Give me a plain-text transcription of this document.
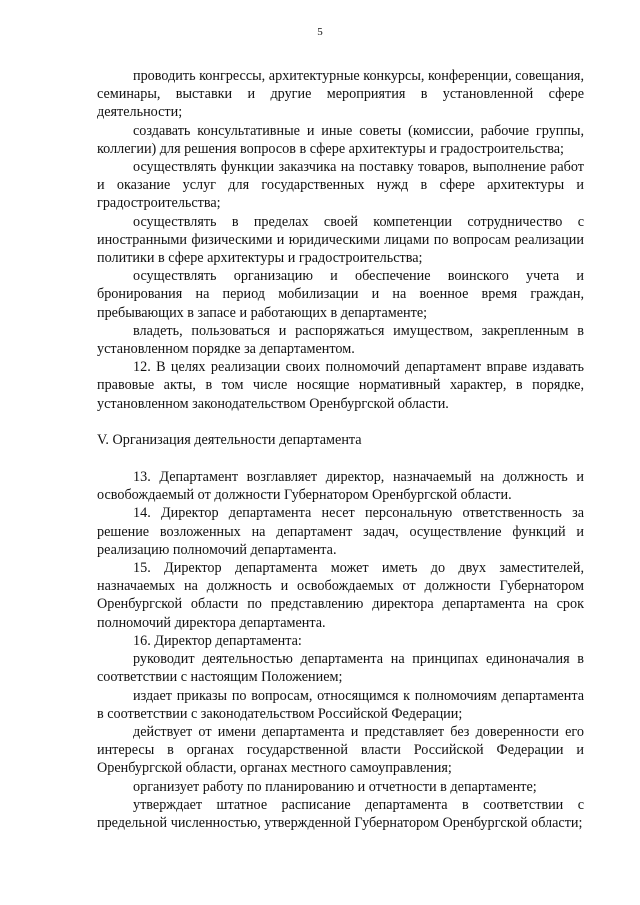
5

проводить конгрессы, архитектурные конкурсы, конференции, совещания, семинары, выставки и другие мероприятия в установленной сфере деятельности;

создавать консультативные и иные советы (комиссии, рабочие группы, коллегии) для решения вопросов в сфере архитектуры и градостроительства;

осуществлять функции заказчика на поставку товаров, выполнение работ и оказание услуг для государственных нужд в сфере архитектуры и градостроительства;

осуществлять в пределах своей компетенции сотрудничество с иностранными физическими и юридическими лицами по вопросам реализации политики в сфере архитектуры и градостроительства;

осуществлять организацию и обеспечение воинского учета и бронирования на период мобилизации и на военное время граждан, пребывающих в запасе и работающих в департаменте;

владеть, пользоваться и распоряжаться имуществом, закрепленным в установленном порядке за департаментом.

12. В целях реализации своих полномочий департамент вправе издавать правовые акты, в том числе носящие нормативный характер, в порядке, установленном законодательством Оренбургской области.

V. Организация деятельности департамента

13. Департамент возглавляет директор, назначаемый на должность и освобождаемый от должности Губернатором Оренбургской области.

14. Директор департамента несет персональную ответственность за решение возложенных на департамент задач, осуществление функций и реализацию полномочий департамента.

15. Директор департамента может иметь до двух заместителей, назначаемых на должность и освобождаемых от должности Губернатором Оренбургской области по представлению директора департамента на срок полномочий директора департамента.

16. Директор департамента:

руководит деятельностью департамента на принципах единоначалия в соответствии с настоящим Положением;

издает приказы по вопросам, относящимся к полномочиям департамента в соответствии с законодательством Российской Федерации;

действует от имени департамента и представляет без доверенности его интересы в органах государственной власти Российской Федерации и Оренбургской области, органах местного самоуправления;

организует работу по планированию и отчетности в департаменте;

утверждает штатное расписание департамента в соответствии с предельной численностью, утвержденной Губернатором Оренбургской области;
